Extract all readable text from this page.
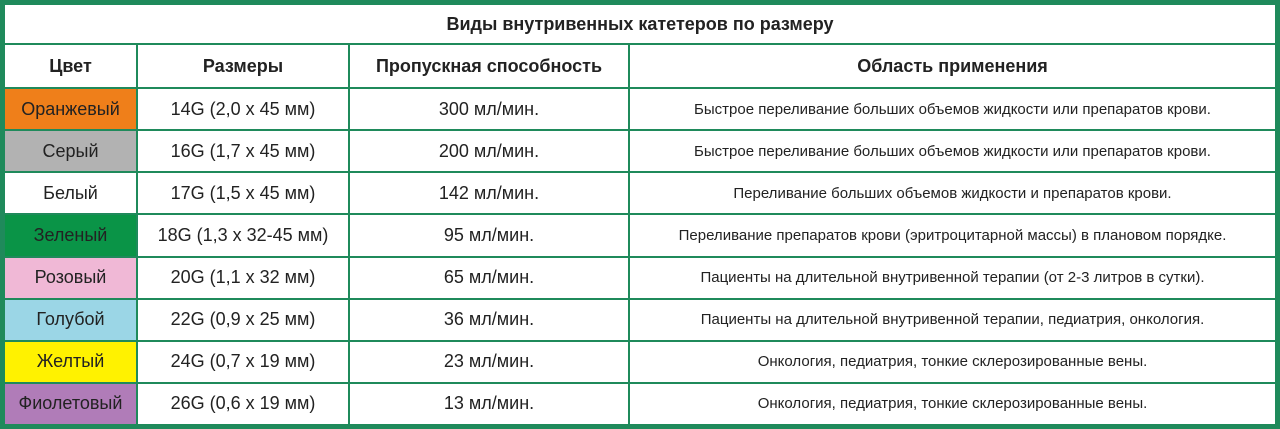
Виды внутривенных катетеров по размеру			
Цвет	Размеры	Пропускная способность	Область применения
Оранжевый	14G (2,0 х 45 мм)	300 мл/мин.	Быстрое переливание больших объемов жидкости или препаратов крови.
Серый	16G (1,7 х 45 мм)	200 мл/мин.	Быстрое переливание больших объемов жидкости или препаратов крови.
Белый	17G (1,5 х 45 мм)	142 мл/мин.	Переливание больших объемов жидкости и препаратов крови.
Зеленый	18G (1,3 х 32-45 мм)	95 мл/мин.	Переливание препаратов крови (эритроцитарной массы) в плановом порядке.
Розовый	20G (1,1 х 32 мм)	65 мл/мин.	Пациенты на длительной внутривенной терапии (от 2-3 литров в сутки).
Голубой	22G (0,9 х 25 мм)	36 мл/мин.	Пациенты на длительной внутривенной терапии, педиатрия, онкология.
Желтый	24G (0,7 х 19 мм)	23 мл/мин.	Онкология, педиатрия, тонкие склерозированные вены.
Фиолетовый	26G (0,6 х 19 мм)	13 мл/мин.	Онкология, педиатрия, тонкие склерозированные вены.
